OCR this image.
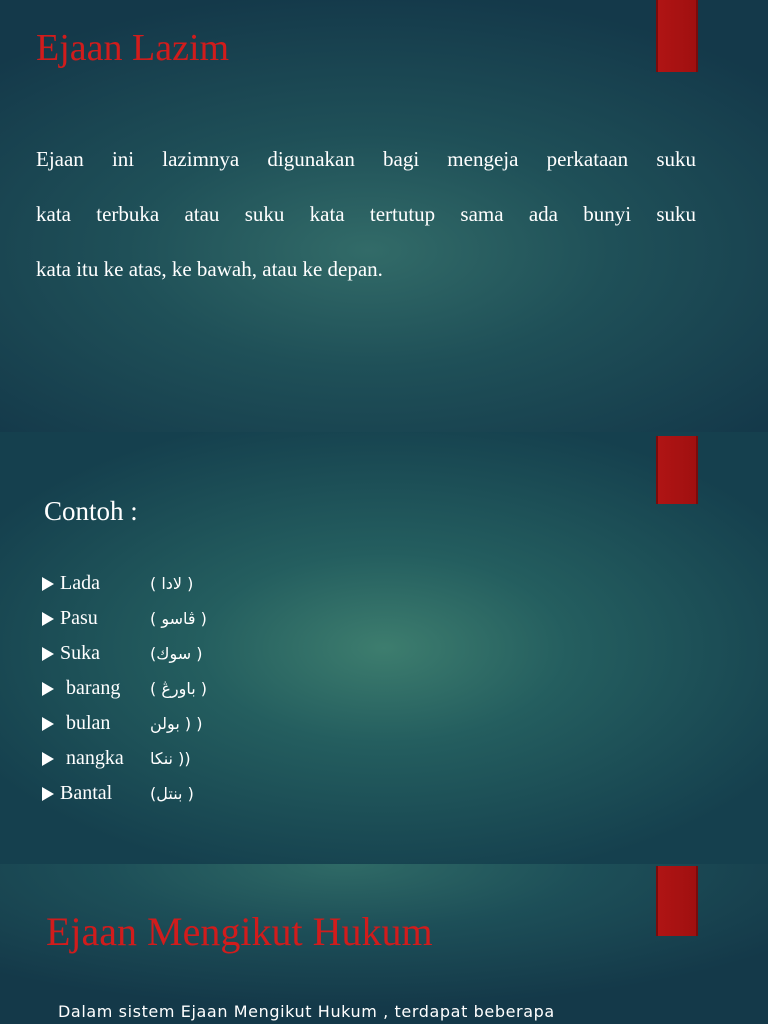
Ejaan Lazim

Ejaan ini lazimnya digunakan bagi mengeja perkataan suku
kata terbuka atau suku kata tertutup sama ada bunyi suku
kata itu ke atas, ke bawah, atau ke depan.

Contoh :
Lada	( لادا )
Pasu	( ڤاسو )
Suka	(سوك )
barang	( باورڠ )
bulan	بولن ) )
nangka	ننكا ))
Bantal	(بنتل )
Ejaan Mengikut Hukum

Dalam sistem Ejaan Mengikut Hukum , terdapat beberapa
